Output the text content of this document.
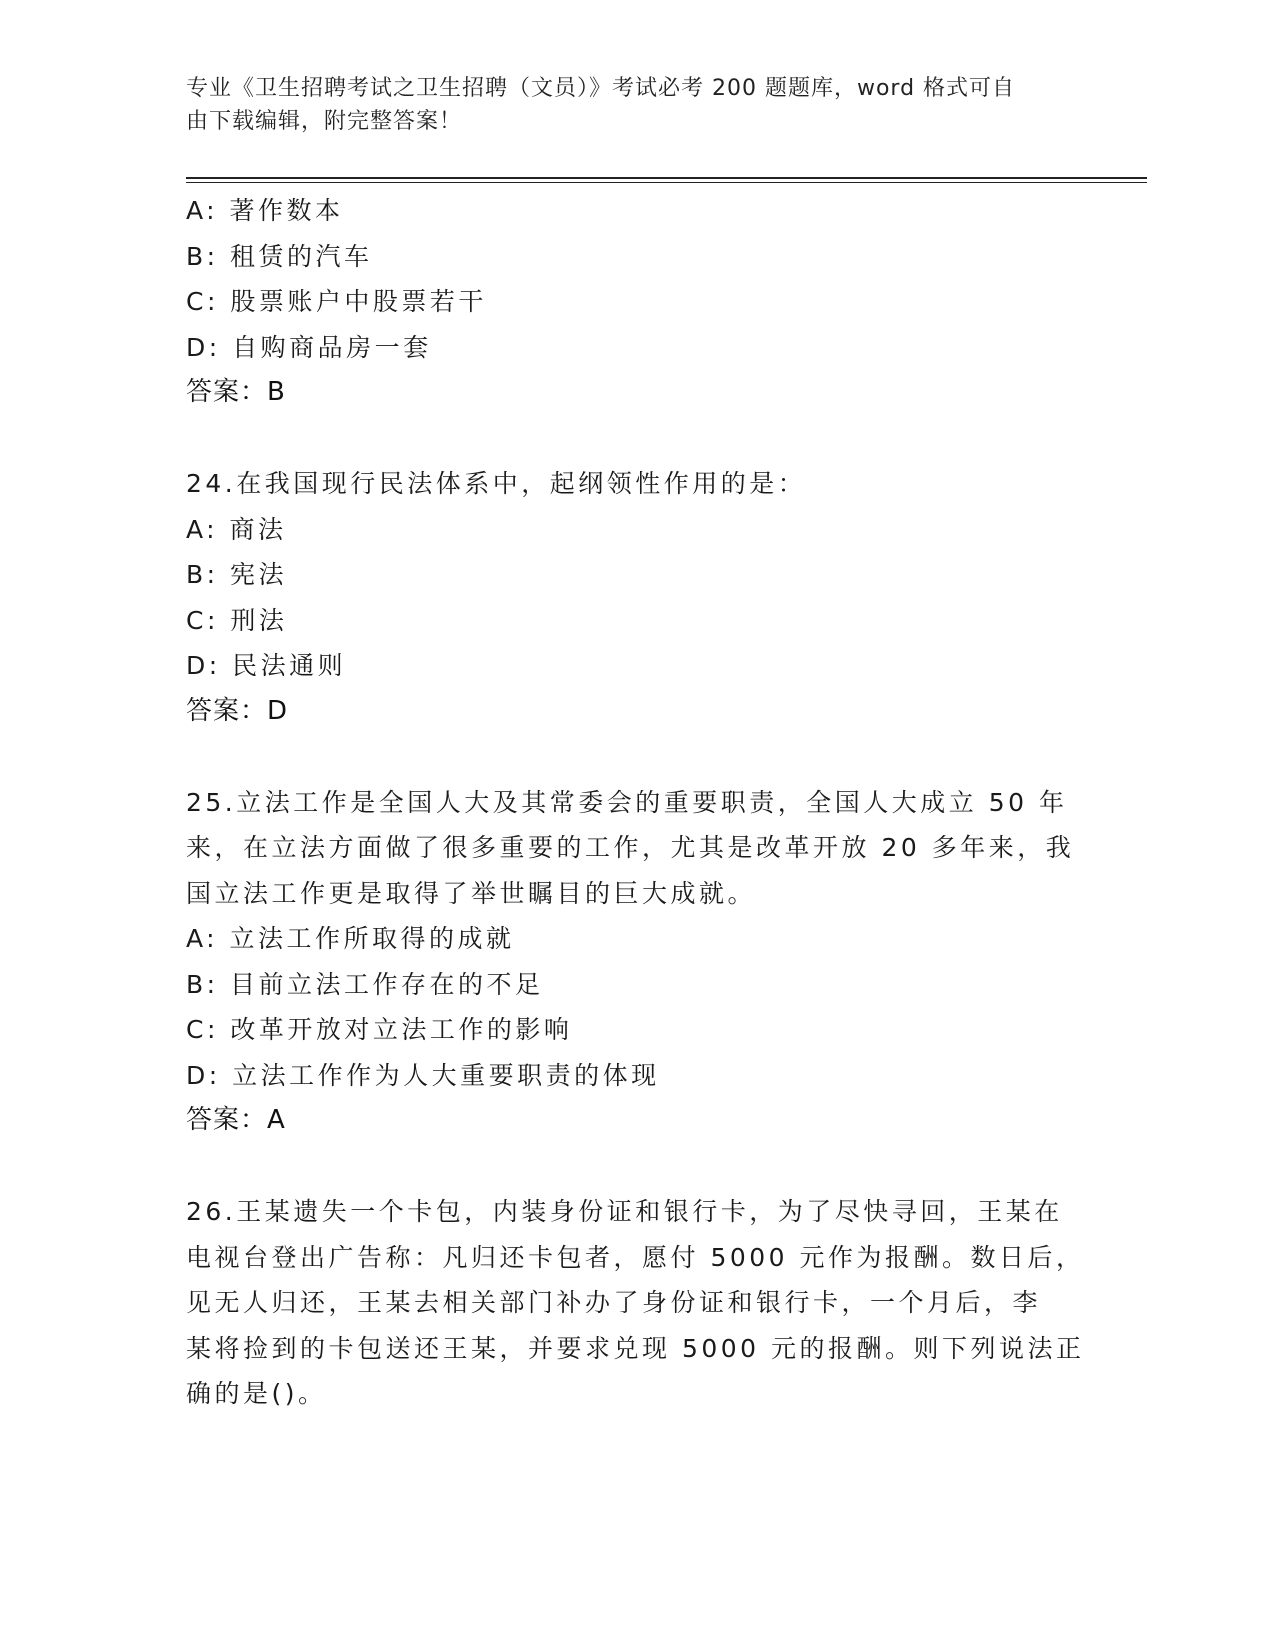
专业《卫生招聘考试之卫生招聘（文员）》考试必考 200 题题库，word 格式可自
由下载编辑，附完整答案！
A: 著作数本
B: 租赁的汽车
C: 股票账户中股票若干
D: 自购商品房一套
答案：B
24.在我国现行民法体系中，起纲领性作用的是：
A: 商法
B: 宪法
C: 刑法
D: 民法通则
答案：D
25.立法工作是全国人大及其常委会的重要职责，全国人大成立 50 年
来，在立法方面做了很多重要的工作，尤其是改革开放 20 多年来，我
国立法工作更是取得了举世瞩目的巨大成就。
A: 立法工作所取得的成就
B: 目前立法工作存在的不足
C: 改革开放对立法工作的影响
D: 立法工作作为人大重要职责的体现
答案：A
26.王某遗失一个卡包，内装身份证和银行卡，为了尽快寻回，王某在
电视台登出广告称：凡归还卡包者，愿付 5000 元作为报酬。数日后，
见无人归还，王某去相关部门补办了身份证和银行卡，一个月后，李
某将捡到的卡包送还王某，并要求兑现 5000 元的报酬。则下列说法正
确的是()。
